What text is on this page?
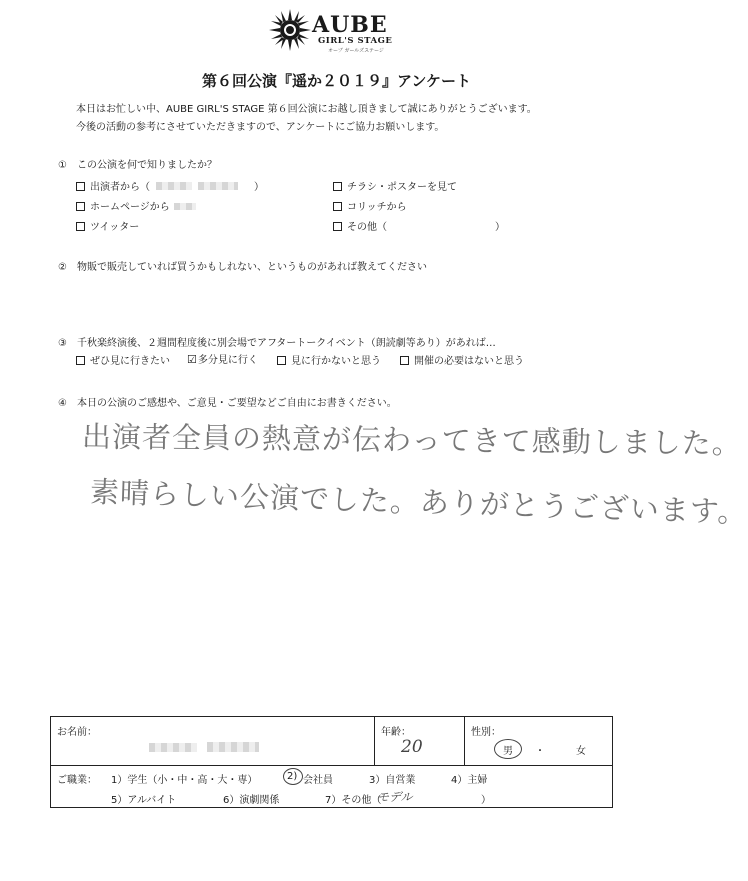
AUBE
GIRL'S STAGE
オーブ ガールズステージ
第６回公演『遥か２０１９』アンケート
本日はお忙しい中、AUBE GIRL'S STAGE 第６回公演にお越し頂きまして誠にありがとうございます。
今後の活動の参考にさせていただきますので、アンケートにご協力お願いします。
①　この公演を何で知りましたか？
出演者から（	）
ホームページから
ツイッター
チラシ・ポスターを見て
コリッチから
その他（	）
②　物販で販売していれば買うかもしれない、というものがあれば教えてください
③　千秋楽終演後、２週間程度後に別会場でアフタートークイベント（朗読劇等あり）があれば…
ぜひ見に行きたい ☑多分見に行く	見に行かないと思う	開催の必要はないと思う
④　本日の公演のご感想や、ご意見・ご要望などご自由にお書きください。
出演者全員の熱意が伝わってきて感動しました。
素晴らしい公演でした。ありがとうございます。
お名前：	年齢：
20
性別：
男 ・	女
ご職業： 1）学生（小・中・高・大・専）	2) 会社員	3）自営業	4）主婦
5）アルバイト	6）演劇関係	7）その他（
モデル	）
